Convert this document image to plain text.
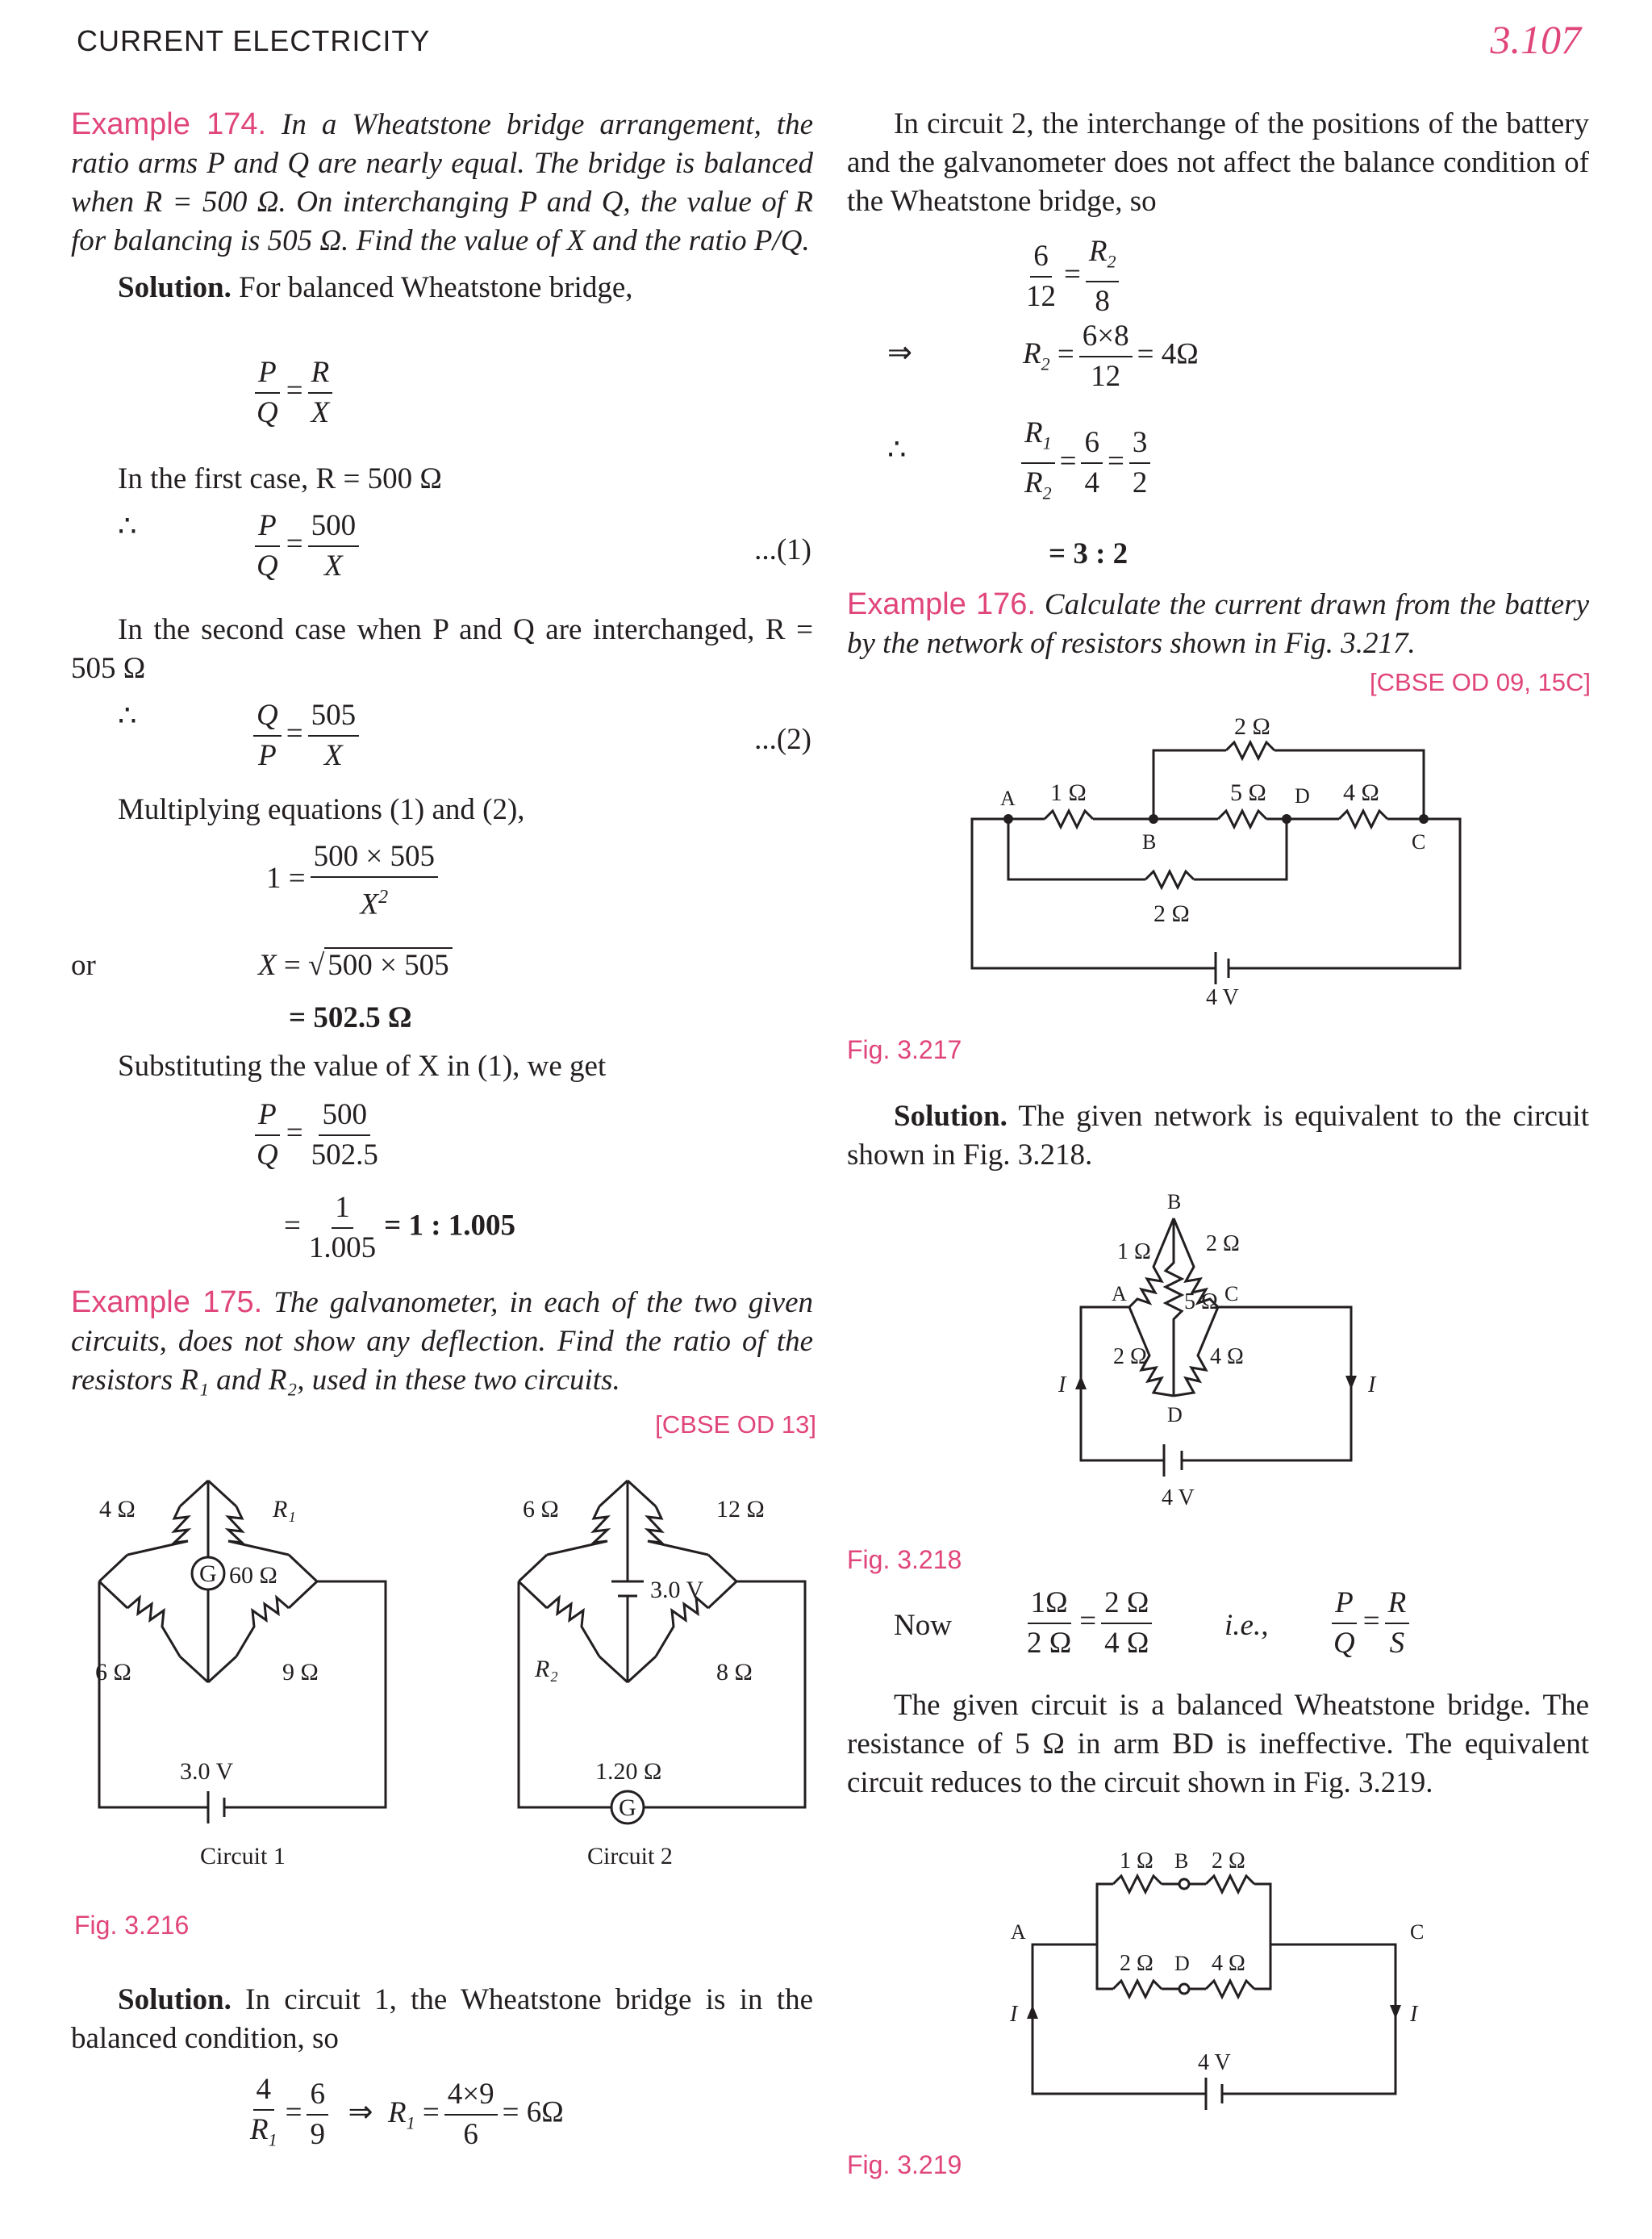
CURRENT ELECTRICITY	3.107

Example 174. In a Wheatstone bridge arrangement, the ratio arms P and Q are nearly equal. The bridge is balanced when R = 500 Ω. On interchanging P and Q, the value of R for balancing is 505 Ω. Find the value of X and the ratio P/Q.

Solution. For balanced Wheatstone bridge,

$\frac{P}{Q} = \frac{R}{X}$

In the first case, R = 500 Ω

∴	$\frac{P}{Q} = \frac{500}{X}$	...(1)

In the second case when P and Q are interchanged, R = 505 Ω

∴	$\frac{Q}{P} = \frac{505}{X}$	...(2)

Multiplying equations (1) and (2),

$1 = \frac{500 \times 505}{X^2}$
or	X = √ 500 × 505
= 502.5 Ω

Substituting the value of X in (1), we get

$\frac{P}{Q} = \frac{500}{502.5}$
= $\frac{1}{1.005} = 1$ : 1.005

Example 175. The galvanometer, in each of the two given circuits, does not show any deflection. Find the ratio of the resistors R₁ and R₂, used in these two circuits.

[CBSE OD 13]
4 Ω	R₁
G 60 Ω
6 Ω	9 Ω
3.0 V
6 Ω	12 Ω
3.0 V
R₂	8 Ω
1.20 Ω
G
Circuit 1	Circuit 2
Fig. 3.216

Solution. In circuit 1, the Wheatstone bridge is in the balanced condition, so

$\frac{4}{R_1} = \frac{6}{9}$ ⇒  $R_1 = \frac{4\times 9}{6} = 6\Omega$

In circuit 2, the interchange of the positions of the battery and the galvanometer does not affect the balance condition of the Wheatstone bridge, so

$\frac{6}{12} = \frac{R_2}{8}$
⇒	$R_2 = \frac{6\times 8}{12} = 4\Omega$
∴	$\frac{R_1}{R_2} = \frac{6}{4} = \frac{3}{2}$
= 3 : 2

Example 176. Calculate the current drawn from the battery by the network of resistors shown in Fig. 3.217.

[CBSE OD 09, 15C]
A 1 Ω
B
2 Ω
5 Ω D 4 Ω
C
2 Ω
4 V
Fig. 3.217

Solution. The given network is equivalent to the circuit shown in Fig. 3.218.

B
1 Ω
A
2 Ω
5 Ω C
2 Ω	4 Ω
D
I	I
4 V
Fig. 3.218
Now $\frac{1\Omega}{2 \Omega} = \frac{2 \Omega}{4 \Omega} i.e$., $\frac{P}{Q} = \frac{R}{S}$

The given circuit is a balanced Wheatstone bridge. The resistance of 5 Ω in arm BD is ineffective. The equivalent circuit reduces to the circuit shown in Fig. 3.219.

1 Ω B 2 Ω
A	C
2 Ω D 4 Ω
I	I
4 V
Fig. 3.219
